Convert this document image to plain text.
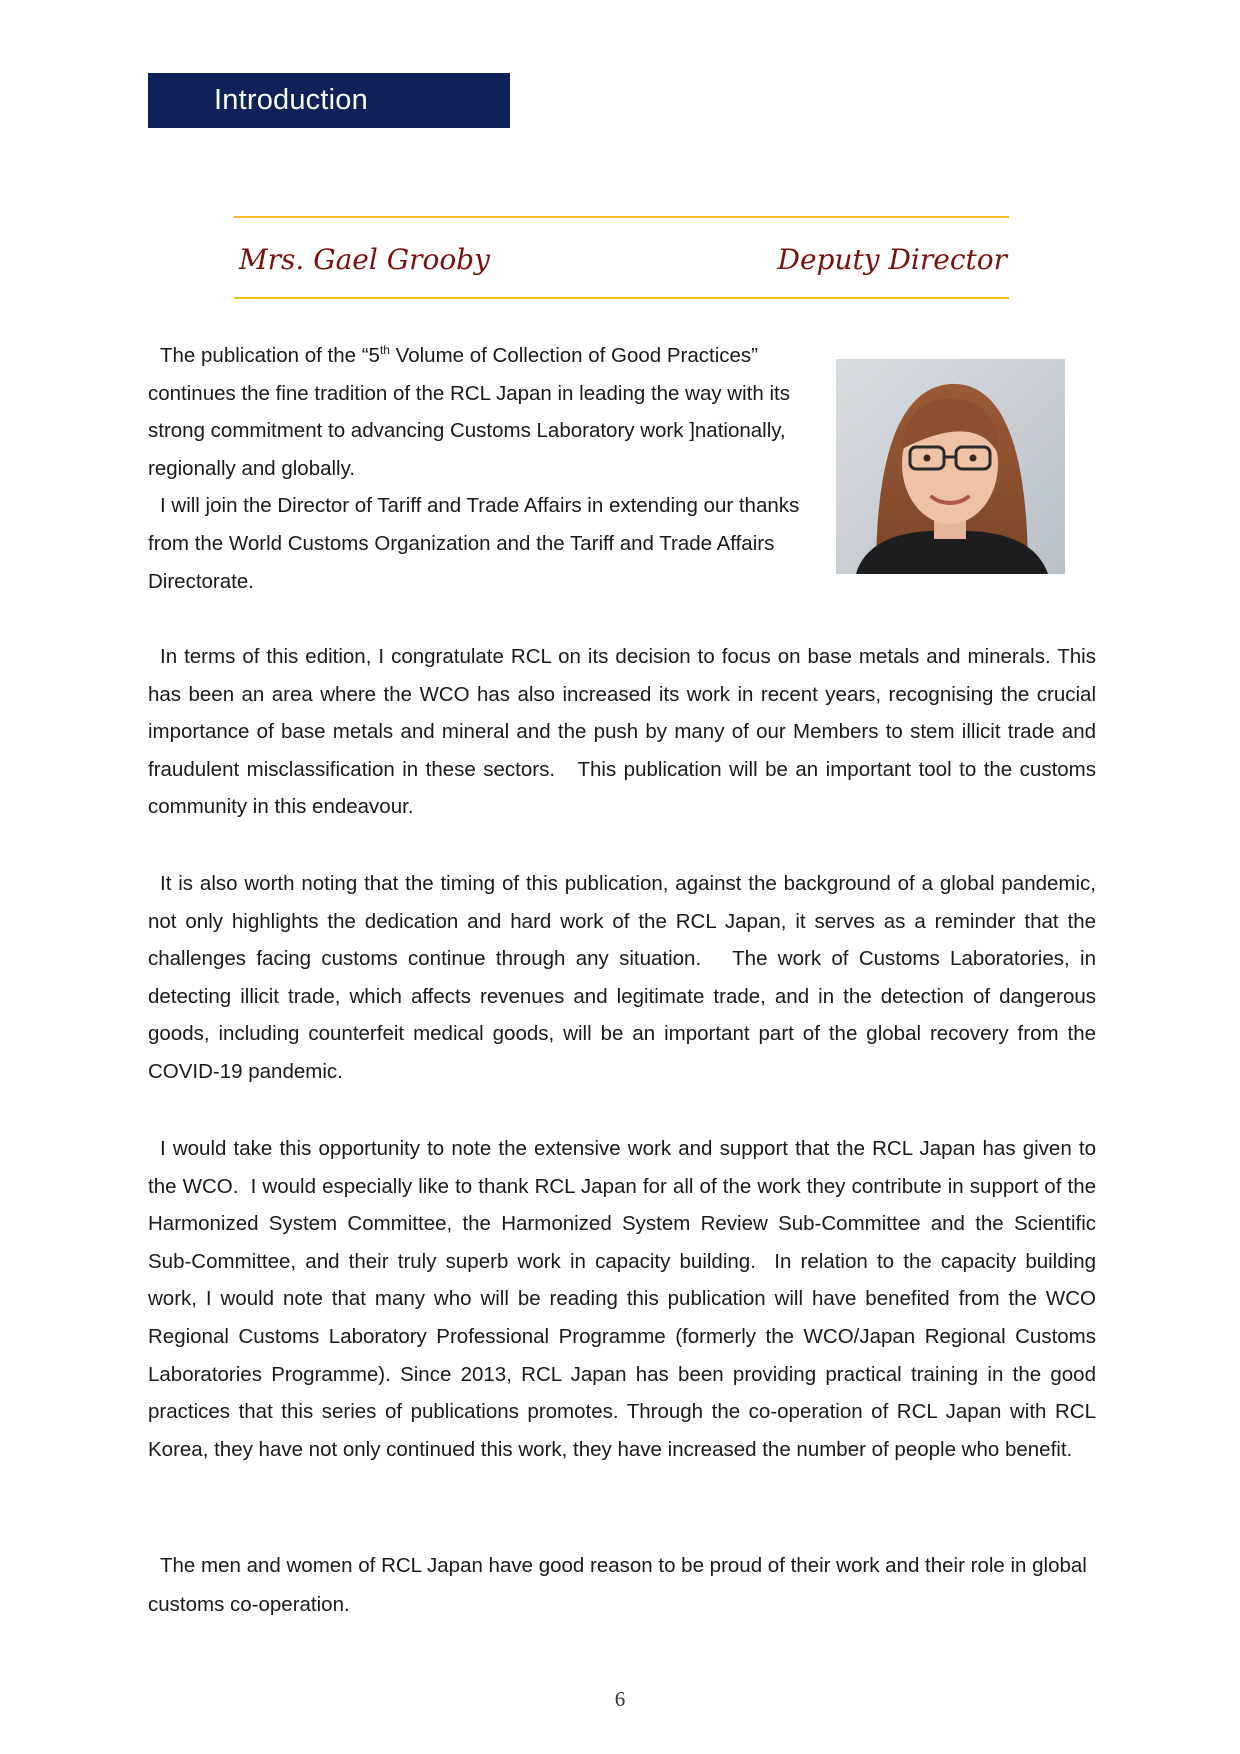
Introduction
Mrs. Gael Grooby	Deputy Director

The publication of the “5th Volume of Collection of Good Practices” continues the fine tradition of the RCL Japan in leading the way with its strong commitment to advancing Customs Laboratory work ]nationally, regionally and globally.

I will join the Director of Tariff and Trade Affairs in extending our thanks from the World Customs Organization and the Tariff and Trade Affairs Directorate.

In terms of this edition, I congratulate RCL on its decision to focus on base metals and minerals. This has been an area where the WCO has also increased its work in recent years, recognising the crucial importance of base metals and mineral and the push by many of our Members to stem illicit trade and fraudulent misclassification in these sectors.   This publication will be an important tool to the customs community in this endeavour.

It is also worth noting that the timing of this publication, against the background of a global pandemic, not only highlights the dedication and hard work of the RCL Japan, it serves as a reminder that the challenges facing customs continue through any situation.   The work of Customs Laboratories, in detecting illicit trade, which affects revenues and legitimate trade, and in the detection of dangerous goods, including counterfeit medical goods, will be an important part of the global recovery from the COVID-19 pandemic.

I would take this opportunity to note the extensive work and support that the RCL Japan has given to the WCO.  I would especially like to thank RCL Japan for all of the work they contribute in support of the Harmonized System Committee, the Harmonized System Review Sub-Committee and the Scientific Sub-Committee, and their truly superb work in capacity building.  In relation to the capacity building work, I would note that many who will be reading this publication will have benefited from the WCO Regional Customs Laboratory Professional Programme (formerly the WCO/Japan Regional Customs Laboratories Programme). Since 2013, RCL Japan has been providing practical training in the good practices that this series of publications promotes. Through the co-operation of RCL Japan with RCL Korea, they have not only continued this work, they have increased the number of people who benefit.

The men and women of RCL Japan have good reason to be proud of their work and their role in global customs co-operation.

6
